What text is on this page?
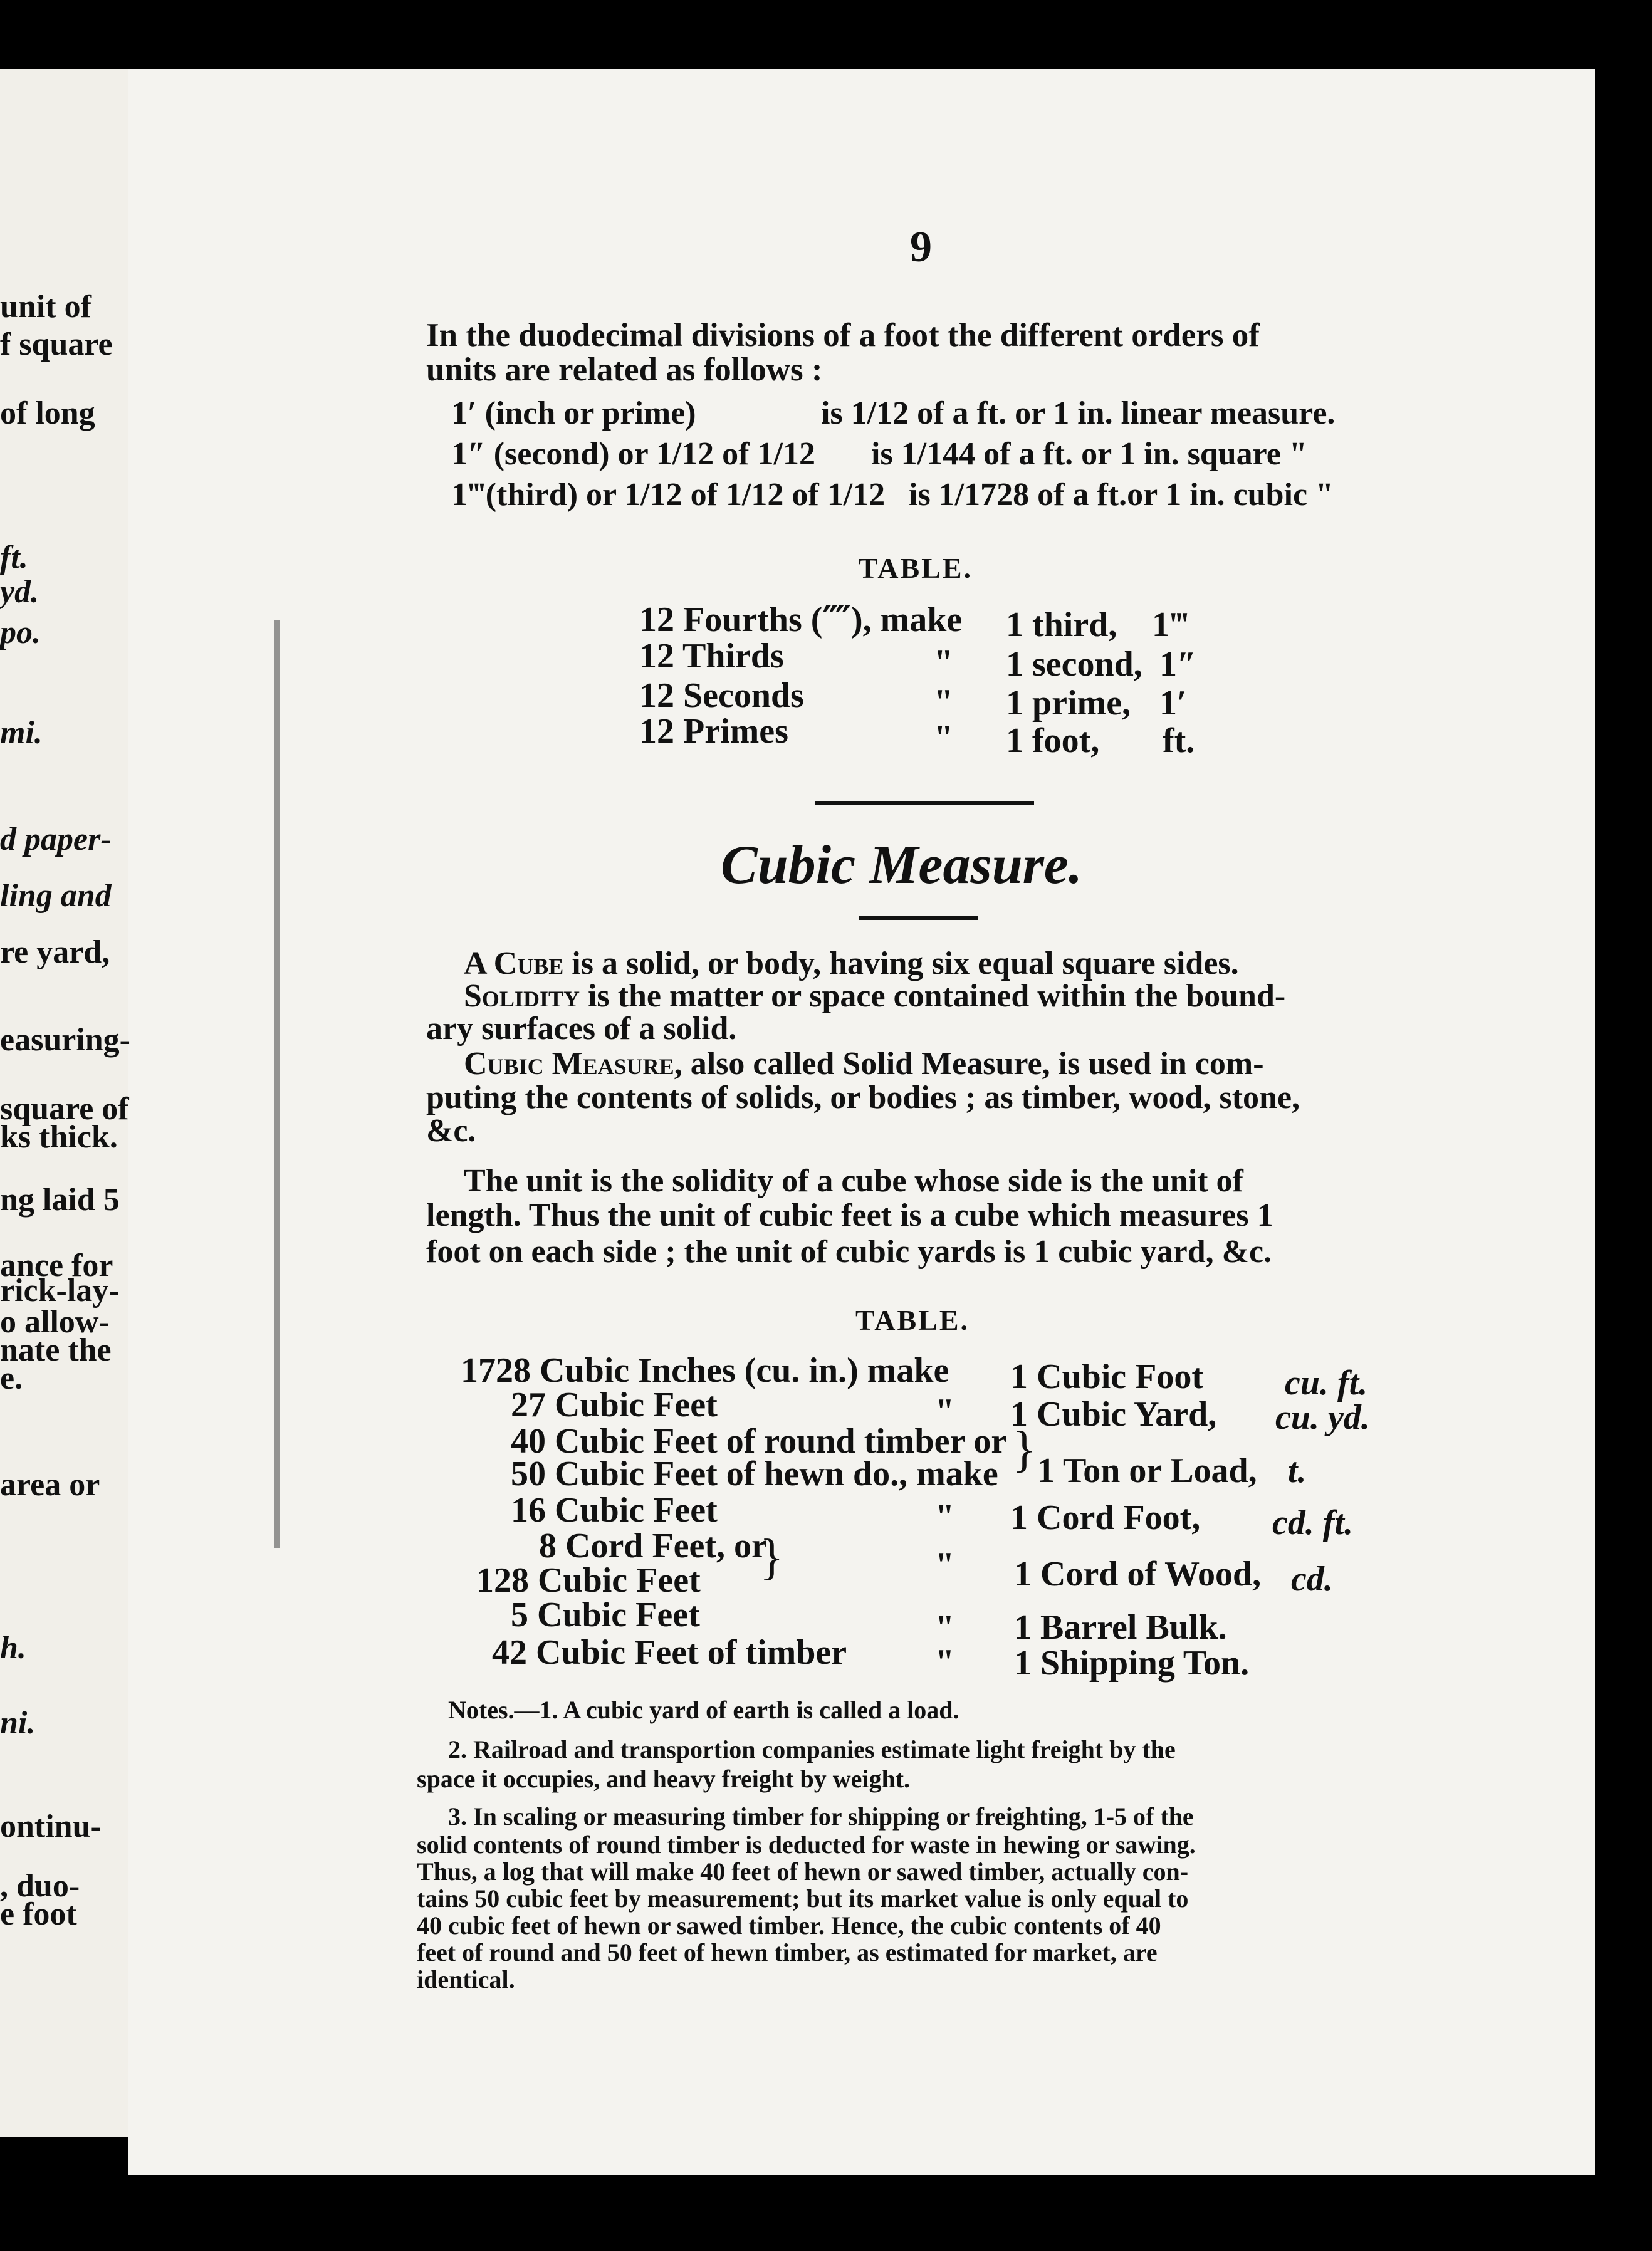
unit of
f square
of long
ft.
yd.
po.
mi.
d paper-
ling and
re yard,
easuring-
square of
ks thick.
ng laid 5
ance for
rick-lay-
o allow-
nate the
e.
area or
h.
ni.
ontinu-
, duo-
e foot
9
In the duodecimal divisions of a foot the different orders of
units are related as follows :
1′ (inch or prime)	is 1/12 of a ft. or 1 in. linear measure.
1″ (second) or 1/12 of 1/12 is 1/144 of a ft. or 1 in. square "
1‴(third) or 1/12 of 1/12 of 1/12 is 1/1728 of a ft.or 1 in. cubic "
TABLE.
12 Fourths (⁗), make 1 third, 1‴
12 Thirds	" 1 second, 1″
12 Seconds	" 1 prime, 1′
12 Primes	" 1 foot, ft.
Cubic Measure.
A Cube is a solid, or body, having six equal square sides.
Solidity is the matter or space contained within the bound-
ary surfaces of a solid.
Cubic Measure, also called Solid Measure, is used in com-
puting the contents of solids, or bodies ; as timber, wood, stone,
&c.
The unit is the solidity of a cube whose side is the unit of
length. Thus the unit of cubic feet is a cube which measures 1
foot on each side ; the unit of cubic yards is 1 cubic yard, &c.
TABLE.
1728 Cubic Inches (cu. in.) make 1 Cubic Foot cu. ft.
27 Cubic Feet	" 1 Cubic Yard, cu. yd.
40 Cubic Feet of round timber or }
50 Cubic Feet of hewn do., make 1 Ton or Load, t.
16 Cubic Feet	" 1 Cord Foot, cd. ft.
8 Cord Feet, or
}
128 Cubic Feet	" 1 Cord of Wood, cd.
5 Cubic Feet	" 1 Barrel Bulk.
42 Cubic Feet of timber	" 1 Shipping Ton.
Notes.—1. A cubic yard of earth is called a load.
2. Railroad and transportion companies estimate light freight by the
space it occupies, and heavy freight by weight.
3. In scaling or measuring timber for shipping or freighting, 1-5 of the
solid contents of round timber is deducted for waste in hewing or sawing.
Thus, a log that will make 40 feet of hewn or sawed timber, actually con-
tains 50 cubic feet by measurement; but its market value is only equal to
40 cubic feet of hewn or sawed timber. Hence, the cubic contents of 40
feet of round and 50 feet of hewn timber, as estimated for market, are
identical.
